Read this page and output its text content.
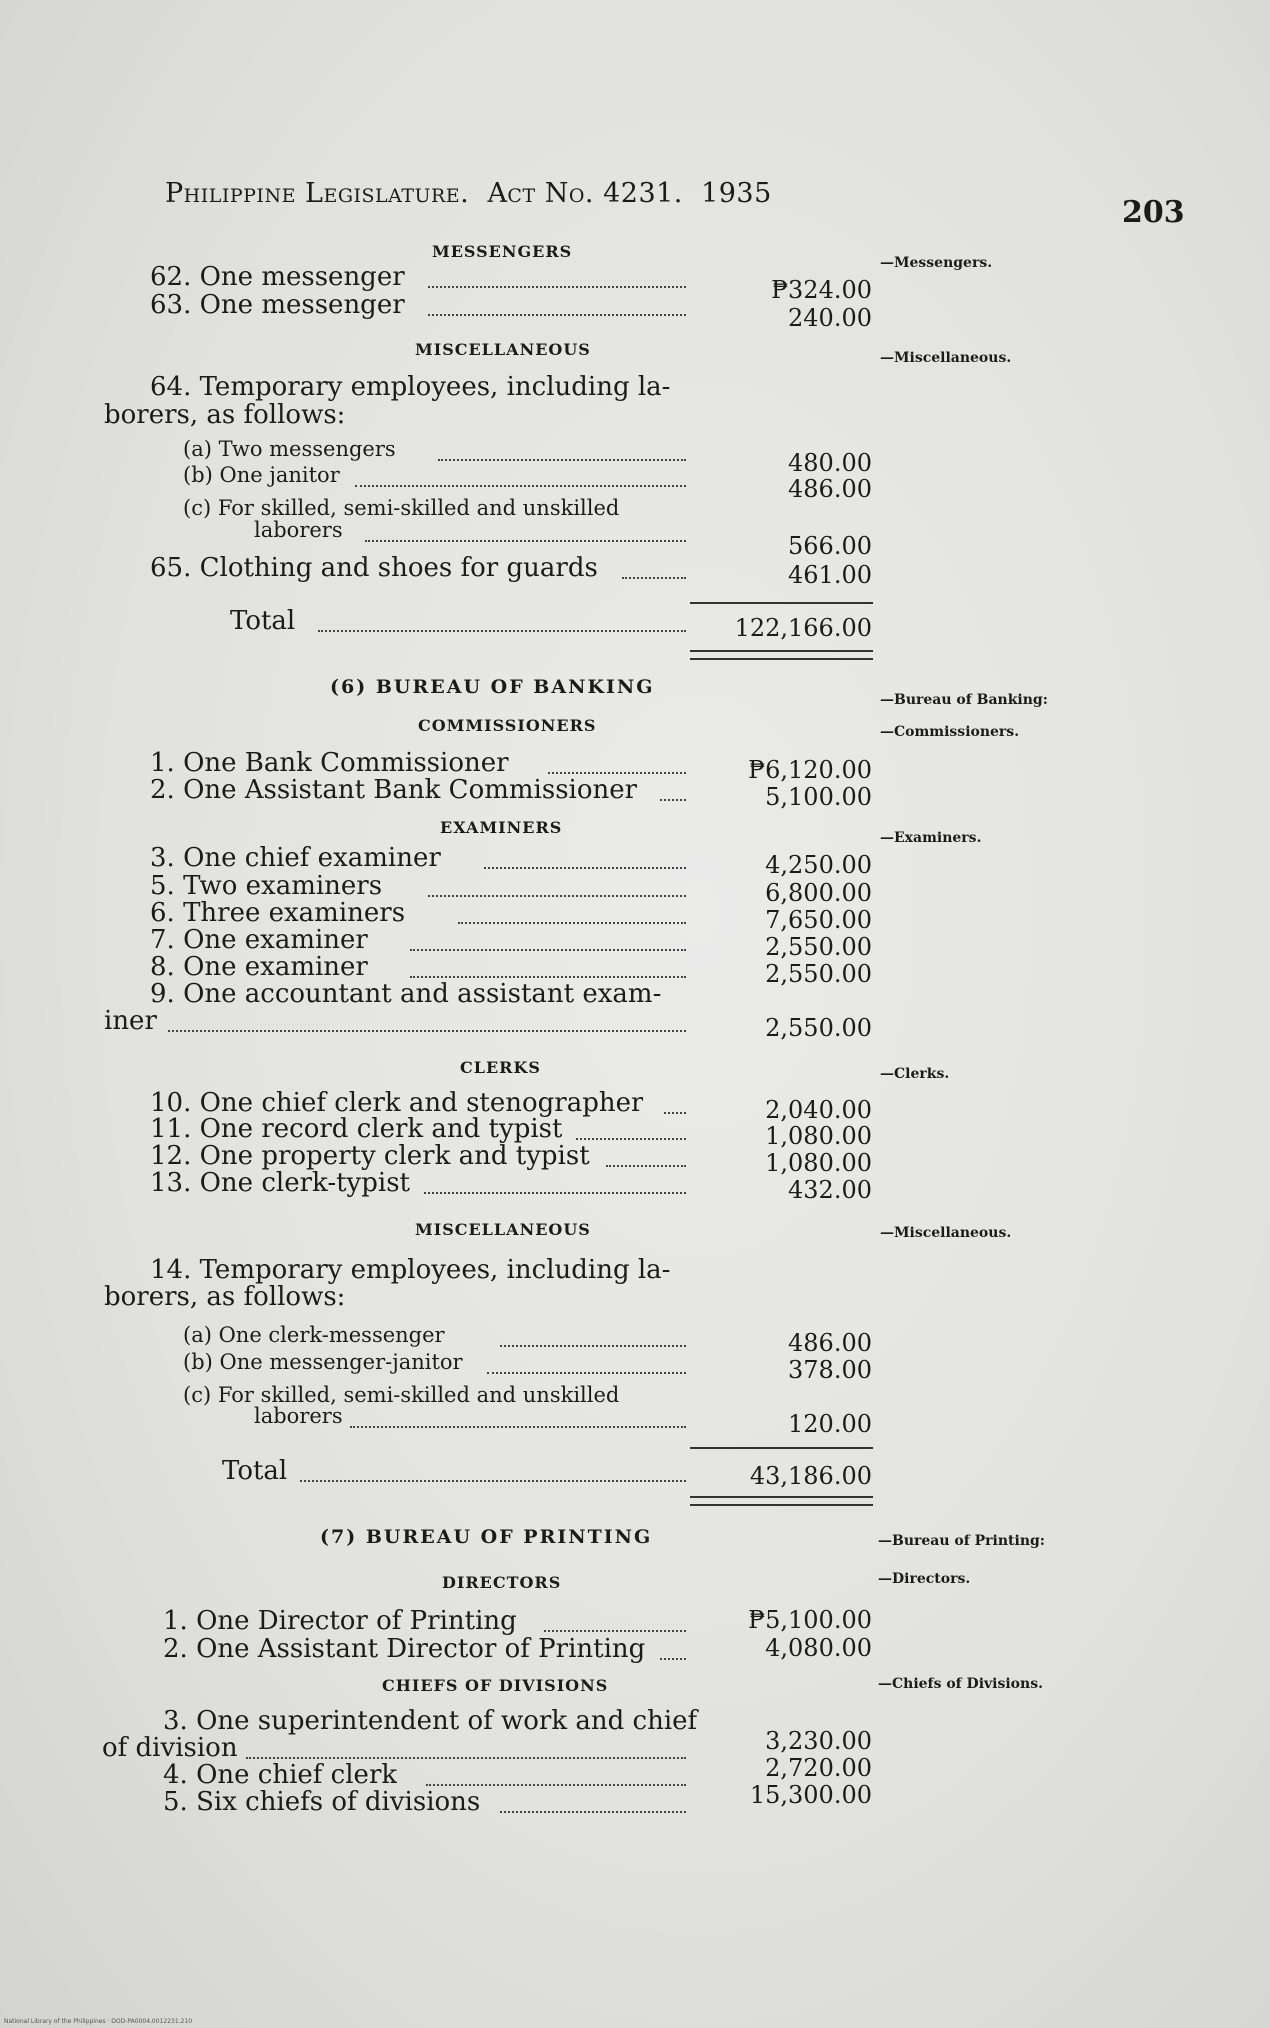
Philippine Legislature. Act No. 4231. 1935
203
MESSENGERS
—Messengers.
62. One messenger	₱324.00
63. One messenger	240.00
MISCELLANEOUS	—Miscellaneous.
64. Temporary employees, including la-
borers, as follows:
(a) Two messengers	480.00
(b) One janitor	486.00
(c) For skilled, semi-skilled and unskilled
laborers
566.00
65. Clothing and shoes for guards	461.00
Total	122,166.00
(6) BUREAU OF BANKING
—Bureau of Banking:
COMMISSIONERS	—Commissioners.
1. One Bank Commissioner	₱6,120.00
2. One Assistant Bank Commissioner	5,100.00
EXAMINERS
—Examiners.
3. One chief examiner	4,250.00
5. Two examiners	6,800.00
6. Three examiners	7,650.00
7. One examiner	2,550.00
8. One examiner	2,550.00
9. One accountant and assistant exam-
iner	2,550.00
CLERKS	—Clerks.
10. One chief clerk and stenographer	2,040.00
11. One record clerk and typist	1,080.00
12. One property clerk and typist	1,080.00
13. One clerk-typist	432.00
MISCELLANEOUS	—Miscellaneous.
14. Temporary employees, including la-
borers, as follows:
(a) One clerk-messenger	486.00
(b) One messenger-janitor	378.00
(c) For skilled, semi-skilled and unskilled
laborers	120.00
Total	43,186.00
(7) BUREAU OF PRINTING	—Bureau of Printing:
DIRECTORS	—Directors.
1. One Director of Printing	₱5,100.00
2. One Assistant Director of Printing	4,080.00
CHIEFS OF DIVISIONS	—Chiefs of Divisions.
3. One superintendent of work and chief
of division	3,230.00
4. One chief clerk	2,720.00
5. Six chiefs of divisions	15,300.00
National Library of the Philippines · DOD-PA0004.0012231.210
